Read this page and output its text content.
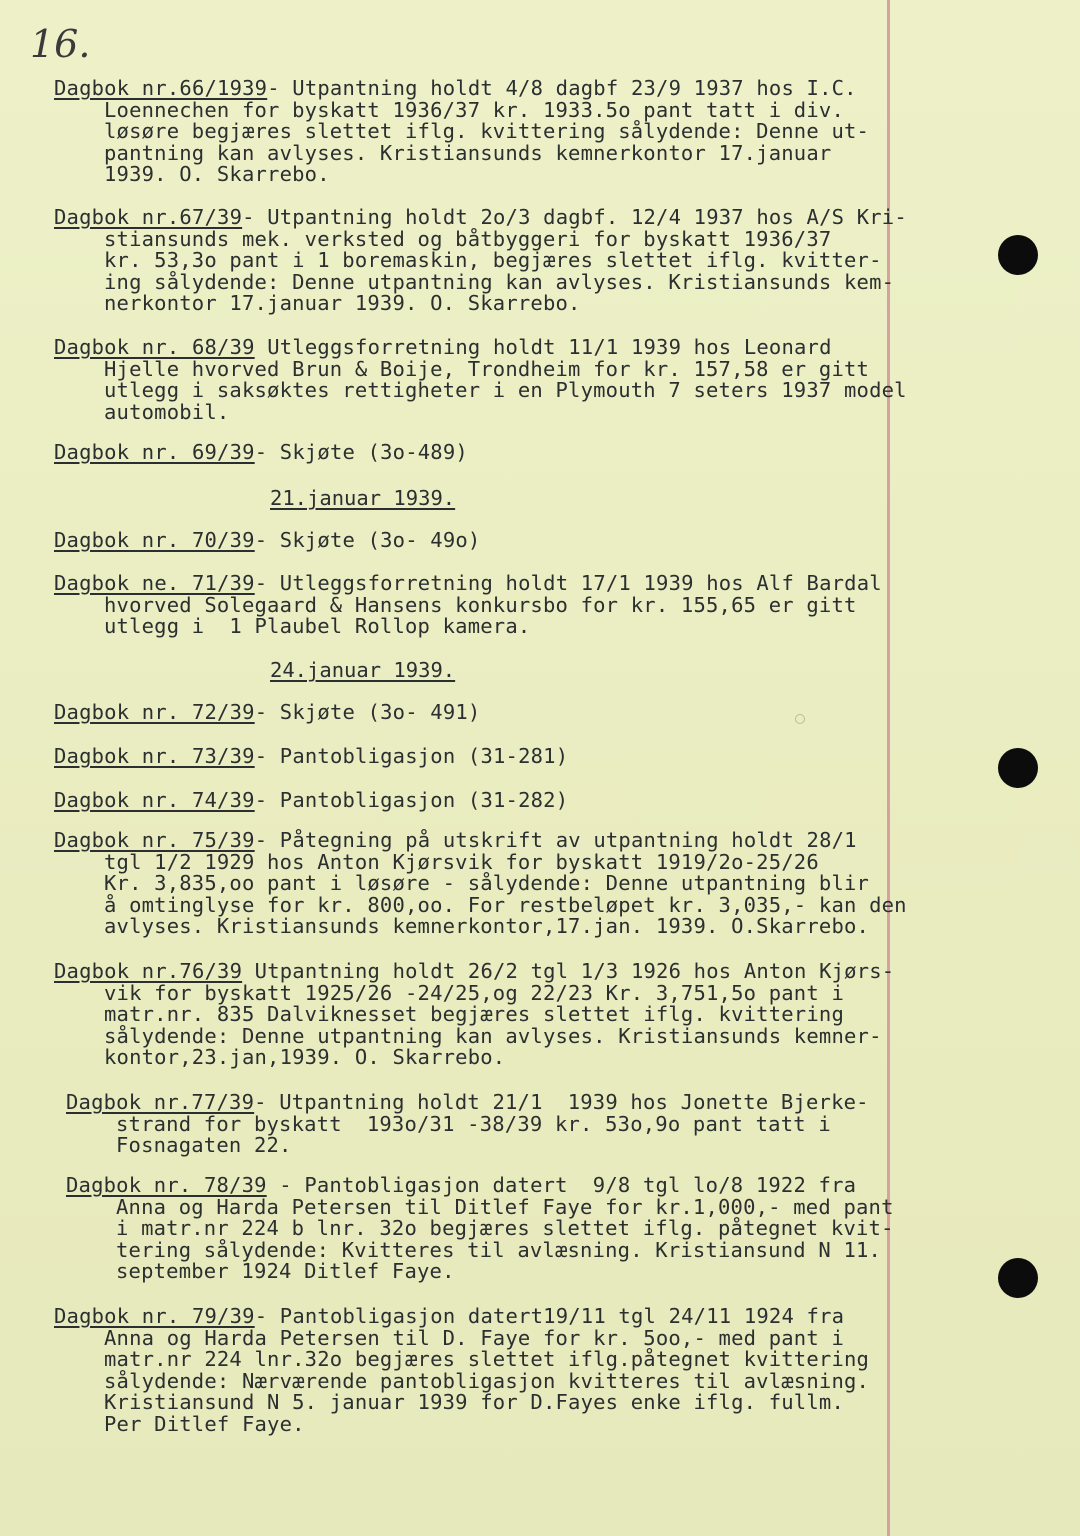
16.
Dagbok nr.66/1939- Utpantning holdt 4/8 dagbf 23/9 1937 hos I.C.
Loennechen for byskatt 1936/37 kr. 1933.5o pant tatt i div.
løsøre begjæres slettet iflg. kvittering sålydende: Denne ut-
pantning kan avlyses. Kristiansunds kemnerkontor 17.januar
1939. O. Skarrebo.
Dagbok nr.67/39- Utpantning holdt 2o/3 dagbf. 12/4 1937 hos A/S Kri-
stiansunds mek. verksted og båtbyggeri for byskatt 1936/37
kr. 53,3o pant i 1 boremaskin, begjæres slettet iflg. kvitter-
ing sålydende: Denne utpantning kan avlyses. Kristiansunds kem-
nerkontor 17.januar 1939. O. Skarrebo.
Dagbok nr. 68/39 Utleggsforretning holdt 11/1 1939 hos Leonard
Hjelle hvorved Brun & Boije, Trondheim for kr. 157,58 er gitt
utlegg i saksøktes rettigheter i en Plymouth 7 seters 1937 model
automobil.
Dagbok nr. 69/39- Skjøte (3o-489)
21.januar 1939.
Dagbok nr. 70/39- Skjøte (3o- 49o)
Dagbok ne. 71/39- Utleggsforretning holdt 17/1 1939 hos Alf Bardal
hvorved Solegaard & Hansens konkursbo for kr. 155,65 er gitt
utlegg i  1 Plaubel Rollop kamera.
24.januar 1939.
Dagbok nr. 72/39- Skjøte (3o- 491)
Dagbok nr. 73/39- Pantobligasjon (31-281)
Dagbok nr. 74/39- Pantobligasjon (31-282)
Dagbok nr. 75/39- Påtegning på utskrift av utpantning holdt 28/1
tgl 1/2 1929 hos Anton Kjørsvik for byskatt 1919/2o-25/26
Kr. 3,835,oo pant i løsøre - sålydende: Denne utpantning blir
å omtinglyse for kr. 800,oo. For restbeløpet kr. 3,035,- kan den
avlyses. Kristiansunds kemnerkontor,17.jan. 1939. O.Skarrebo.
Dagbok nr.76/39 Utpantning holdt 26/2 tgl 1/3 1926 hos Anton Kjørs-
vik for byskatt 1925/26 -24/25,og 22/23 Kr. 3,751,5o pant i
matr.nr. 835 Dalviknesset begjæres slettet iflg. kvittering
sålydende: Denne utpantning kan avlyses. Kristiansunds kemner-
kontor,23.jan,1939. O. Skarrebo.
Dagbok nr.77/39- Utpantning holdt 21/1  1939 hos Jonette Bjerke-
strand for byskatt  193o/31 -38/39 kr. 53o,9o pant tatt i
Fosnagaten 22.
Dagbok nr. 78/39 - Pantobligasjon datert  9/8 tgl lo/8 1922 fra
Anna og Harda Petersen til Ditlef Faye for kr.1,000,- med pant
i matr.nr 224 b lnr. 32o begjæres slettet iflg. påtegnet kvit-
tering sålydende: Kvitteres til avlæsning. Kristiansund N 11.
september 1924 Ditlef Faye.
Dagbok nr. 79/39- Pantobligasjon datert19/11 tgl 24/11 1924 fra
Anna og Harda Petersen til D. Faye for kr. 5oo,- med pant i
matr.nr 224 lnr.32o begjæres slettet iflg.påtegnet kvittering
sålydende: Nærværende pantobligasjon kvitteres til avlæsning.
Kristiansund N 5. januar 1939 for D.Fayes enke iflg. fullm.
Per Ditlef Faye.
